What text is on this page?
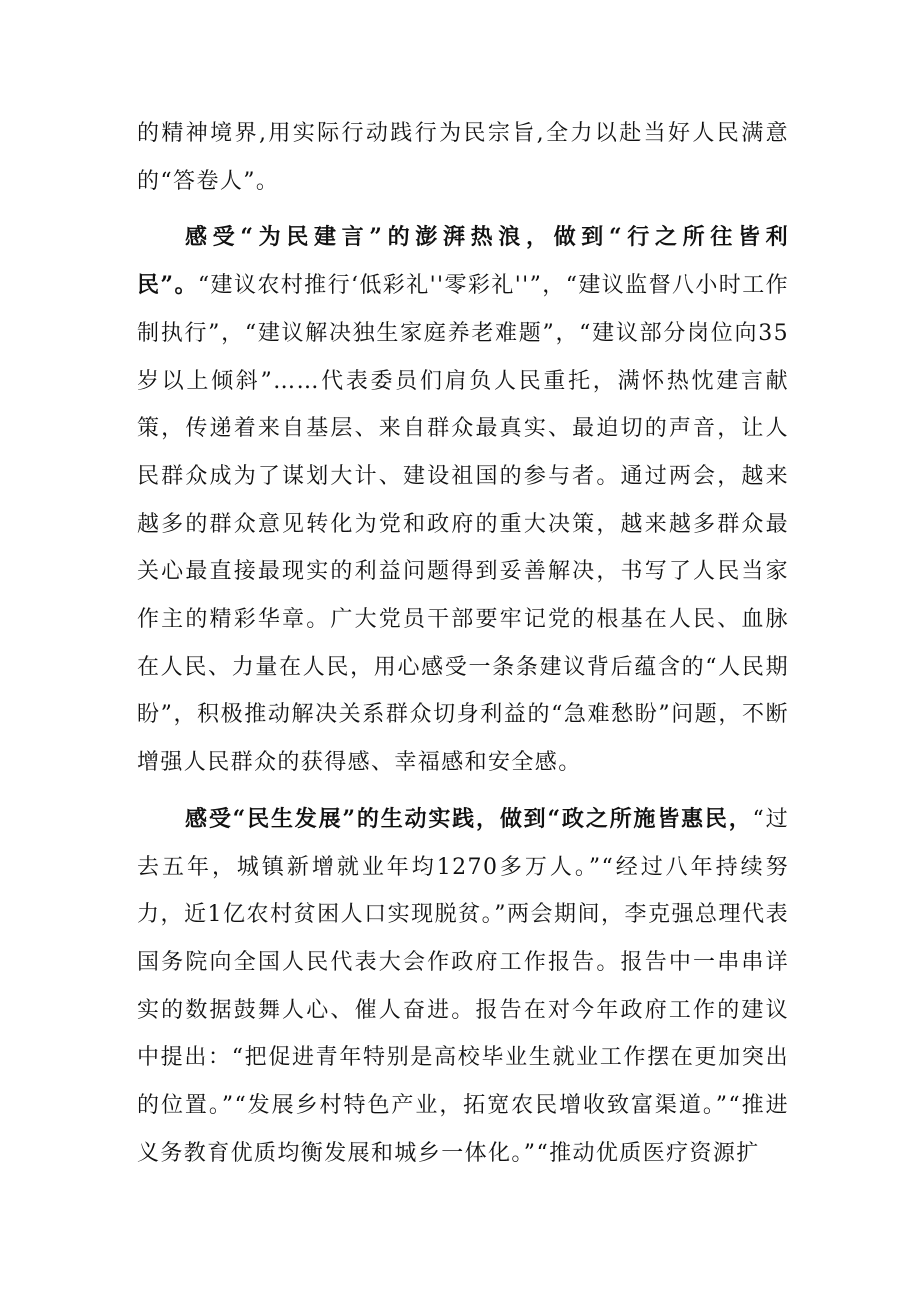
的精神境界,用实际行动践行为民宗旨,全力以赴当好人民满意的“答卷人”。

感受“为民建言”的澎湃热浪，做到“行之所往皆利民”。“建议农村推行‘低彩礼''零彩礼''”，“建议监督八小时工作制执行”，“建议解决独生家庭养老难题”，“建议部分岗位向35岁以上倾斜”……代表委员们肩负人民重托，满怀热忱建言献策，传递着来自基层、来自群众最真实、最迫切的声音，让人民群众成为了谋划大计、建设祖国的参与者。通过两会，越来越多的群众意见转化为党和政府的重大决策，越来越多群众最关心最直接最现实的利益问题得到妥善解决，书写了人民当家作主的精彩华章。广大党员干部要牢记党的根基在人民、血脉在人民、力量在人民，用心感受一条条建议背后蕴含的“人民期盼”，积极推动解决关系群众切身利益的“急难愁盼”问题，不断增强人民群众的获得感、幸福感和安全感。

感受“民生发展”的生动实践，做到“政之所施皆惠民，“过去五年，城镇新增就业年均1270多万人。”“经过八年持续努力，近1亿农村贫困人口实现脱贫。”两会期间，李克强总理代表国务院向全国人民代表大会作政府工作报告。报告中一串串详实的数据鼓舞人心、催人奋进。报告在对今年政府工作的建议中提出：“把促进青年特别是高校毕业生就业工作摆在更加突出的位置。”“发展乡村特色产业，拓宽农民增收致富渠道。”“推进义务教育优质均衡发展和城乡一体化。”“推动优质医疗资源扩
